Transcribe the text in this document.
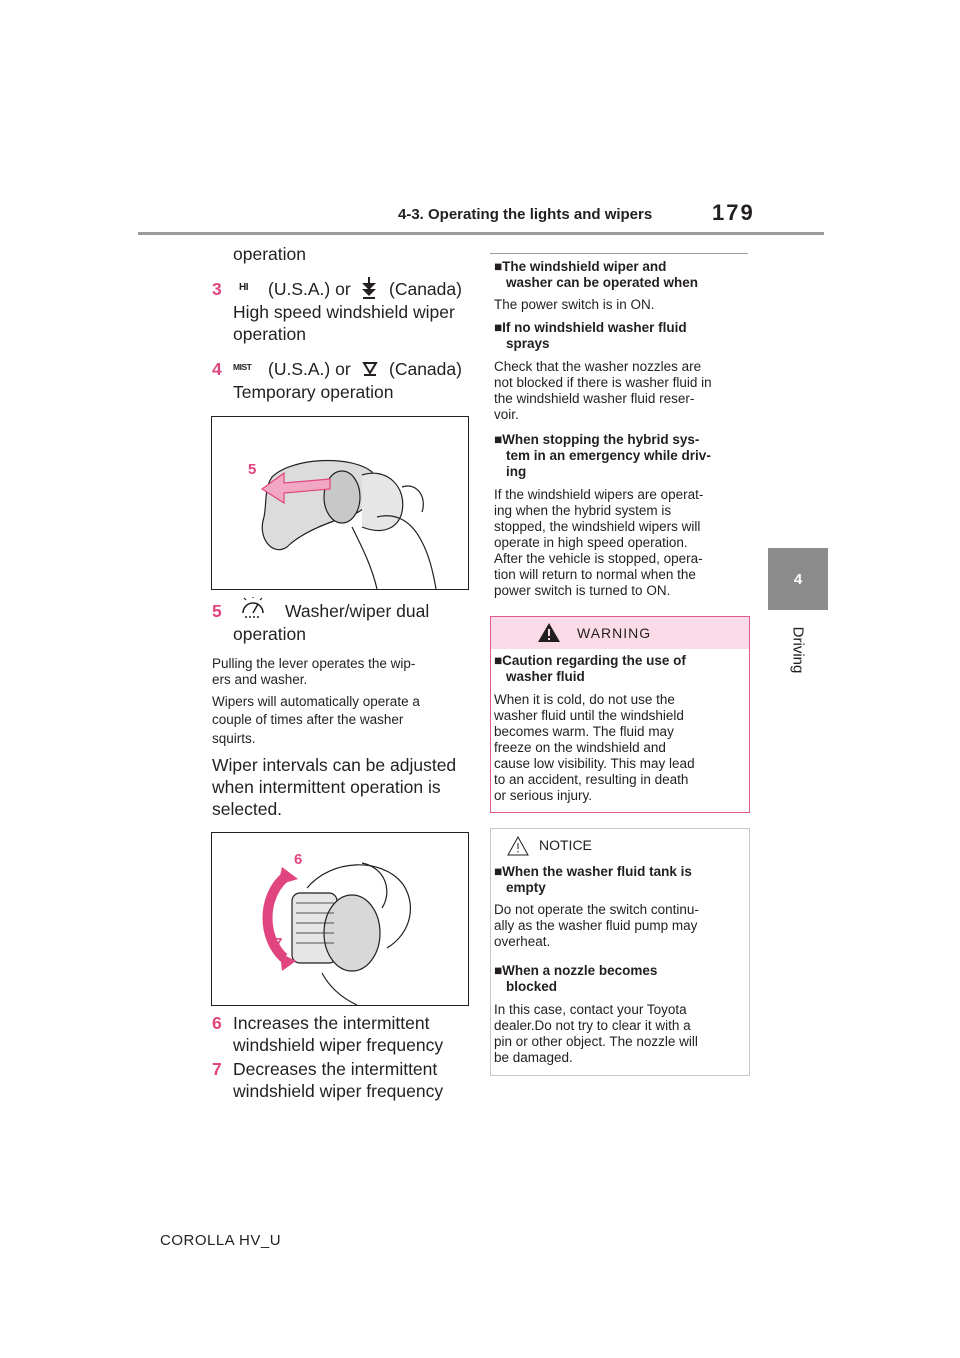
4-3. Operating the lights and wipers	179
4
Driving
operation
3 HI (U.S.A.) or (Canada)
High speed windshield wiper
operation
4 MIST (U.S.A.) or (Canada)
Temporary operation
5
5	Washer/wiper dual
operation
Pulling the lever operates the wip-
ers and washer.
Wipers will automatically operate a
couple of times after the washer
squirts.
Wiper intervals can be adjusted
when intermittent operation is
selected.
6
7
6 Increases the intermittent
windshield wiper frequency
7 Decreases the intermittent
windshield wiper frequency
■The windshield wiper and
washer can be operated when
The power switch is in ON.
■If no windshield washer fluid
sprays
Check that the washer nozzles are
not blocked if there is washer fluid in
the windshield washer fluid reser-
voir.
■When stopping the hybrid sys-
tem in an emergency while driv-
ing
If the windshield wipers are operat-
ing when the hybrid system is
stopped, the windshield wipers will
operate in high speed operation.
After the vehicle is stopped, opera-
tion will return to normal when the
power switch is turned to ON.
WARNING
■Caution regarding the use of
washer fluid
When it is cold, do not use the
washer fluid until the windshield
becomes warm. The fluid may
freeze on the windshield and
cause low visibility. This may lead
to an accident, resulting in death
or serious injury.
NOTICE
■When the washer fluid tank is
empty
Do not operate the switch continu-
ally as the washer fluid pump may
overheat.
■When a nozzle becomes
blocked
In this case, contact your Toyota
dealer.Do not try to clear it with a
pin or other object. The nozzle will
be damaged.
COROLLA HV_U
